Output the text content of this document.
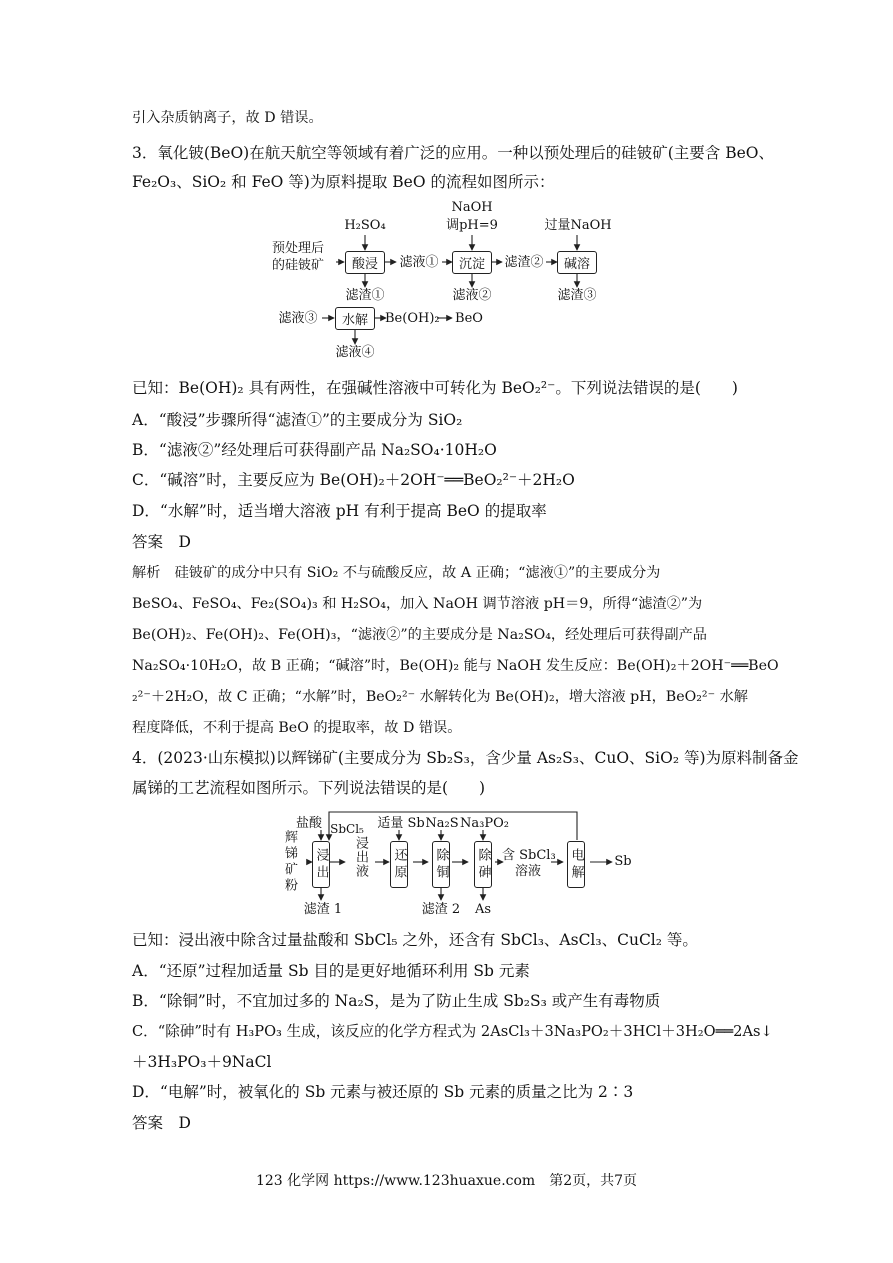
引入杂质钠离子，故 D 错误。
3．氧化铍(BeO)在航天航空等领域有着广泛的应用。一种以预处理后的硅铍矿(主要含 BeO、
Fe₂O₃、SiO₂ 和 FeO 等)为原料提取 BeO 的流程如图所示：
预处理后
的硅铍矿
H₂SO₄
NaOH
调pH=9	过量NaOH
酸浸	沉淀	碱溶
滤液①	滤渣②
滤渣①	滤液②	滤渣③
滤液③	水解	Be(OH)₂ BeO
滤液④
已知：Be(OH)₂ 具有两性，在强碱性溶液中可转化为 BeO₂²⁻。下列说法错误的是(　　)
A．“酸浸”步骤所得“滤渣①”的主要成分为 SiO₂
B．“滤液②”经处理后可获得副产品 Na₂SO₄·10H₂O
C．“碱溶”时，主要反应为 Be(OH)₂＋2OH⁻══BeO₂²⁻＋2H₂O
D．“水解”时，适当增大溶液 pH 有利于提高 BeO 的提取率
答案　D
解析　硅铍矿的成分中只有 SiO₂ 不与硫酸反应，故 A 正确；“滤液①”的主要成分为
BeSO₄、FeSO₄、Fe₂(SO₄)₃ 和 H₂SO₄，加入 NaOH 调节溶液 pH＝9，所得“滤渣②”为
Be(OH)₂、Fe(OH)₂、Fe(OH)₃，“滤液②”的主要成分是 Na₂SO₄，经处理后可获得副产品
Na₂SO₄·10H₂O，故 B 正确；“碱溶”时，Be(OH)₂ 能与 NaOH 发生反应：Be(OH)₂＋2OH⁻══BeO
₂²⁻＋2H₂O，故 C 正确；“水解”时，BeO₂²⁻ 水解转化为 Be(OH)₂，增大溶液 pH，BeO₂²⁻ 水解
程度降低，不利于提高 BeO 的提取率，故 D 错误。
4．(2023·山东模拟)以辉锑矿(主要成分为 Sb₂S₃，含少量 As₂S₃、CuO、SiO₂ 等)为原料制备金
属锑的工艺流程如图所示。下列说法错误的是(　　)
辉锑矿粉
盐酸 SbCl₅ 适量 Sb Na₂S Na₃PO₂
浸出 浸出液 还原 除铜 除砷 含 SbCl₃
溶液	电解 Sb
滤渣 1	滤渣 2 As
已知：浸出液中除含过量盐酸和 SbCl₅ 之外，还含有 SbCl₃、AsCl₃、CuCl₂ 等。
A．“还原”过程加适量 Sb 目的是更好地循环利用 Sb 元素
B．“除铜”时，不宜加过多的 Na₂S，是为了防止生成 Sb₂S₃ 或产生有毒物质
C．“除砷”时有 H₃PO₃ 生成，该反应的化学方程式为 2AsCl₃＋3Na₃PO₂＋3HCl＋3H₂O══2As↓
＋3H₃PO₃＋9NaCl
D．“电解”时，被氧化的 Sb 元素与被还原的 Sb 元素的质量之比为 2∶3
答案　D
123 化学网 https://www.123huaxue.com　第2页，共7页
